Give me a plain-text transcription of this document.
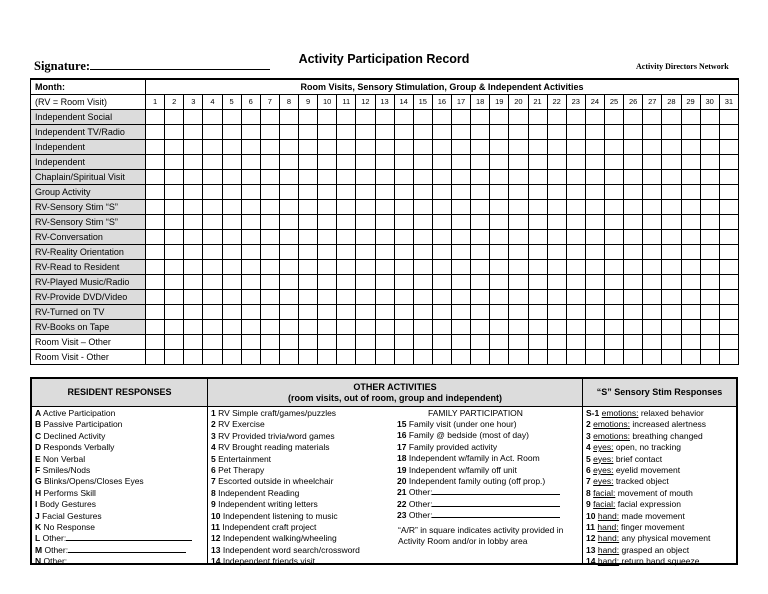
Signature:	Activity Participation Record
Activity Directors Network
Month:	Room Visits, Sensory Stimulation, Group & Independent Activities																														
(RV = Room Visit)	1	2	3	4	5	6	7	8	9	10	11	12	13	14	15	16	17	18	19	20	21	22	23	24	25	26	27	28	29	30	31
Independent Social																															
Independent TV/Radio																															
Independent																															
Independent																															
Chaplain/Spiritual Visit																															
Group Activity																															
RV-Sensory Stim “S”																															
RV-Sensory Stim “S”																															
RV-Conversation																															
RV-Reality Orientation																															
RV-Read to Resident																															
RV-Played Music/Radio																															
RV-Provide DVD/Video																															
RV-Turned on TV																															
RV-Books on Tape																															
Room Visit – Other																															
Room Visit - Other																															
RESIDENT RESPONSES
A Active Participation
B Passive Participation
C Declined Activity
D Responds Verbally
E Non Verbal
F Smiles/Nods
G Blinks/Opens/Closes Eyes
H Performs Skill
I Body Gestures
J Facial Gestures
K No Response
L Other:
M Other:
N Other:
OTHER ACTIVITIES
(room visits, out of room, group and independent)
1 RV Simple craft/games/puzzles
2 RV Exercise
3 RV Provided trivia/word games
4 RV Brought reading materials
5 Entertainment
6 Pet Therapy
7 Escorted outside in wheelchair
8 Independent Reading
9 Independent writing letters
10 Independent listening to music
11 Independent craft project
12 Independent walking/wheeling
13 Independent word search/crossword
14 Independent friends visit
FAMILY PARTICIPATION
15 Family visit (under one hour)
16 Family @ bedside (most of day)
17 Family provided activity
18 Independent w/family in Act. Room
19 Independent w/family off unit
20 Independent family outing (off prop.)
21 Other:
22 Other:
23 Other:
“A/R” in square indicates activity provided in Activity Room and/or in lobby area
“S” Sensory Stim Responses
S-1 emotions: relaxed behavior
2 emotions: increased alertness
3 emotions: breathing changed
4 eyes: open, no tracking
5 eyes: brief contact
6 eyes: eyelid movement
7 eyes: tracked object
8 facial: movement of mouth
9 facial: facial expression
10 hand: made movement
11 hand: finger movement
12 hand: any physical movement
13 hand: grasped an object
14 hand: return hand squeeze
